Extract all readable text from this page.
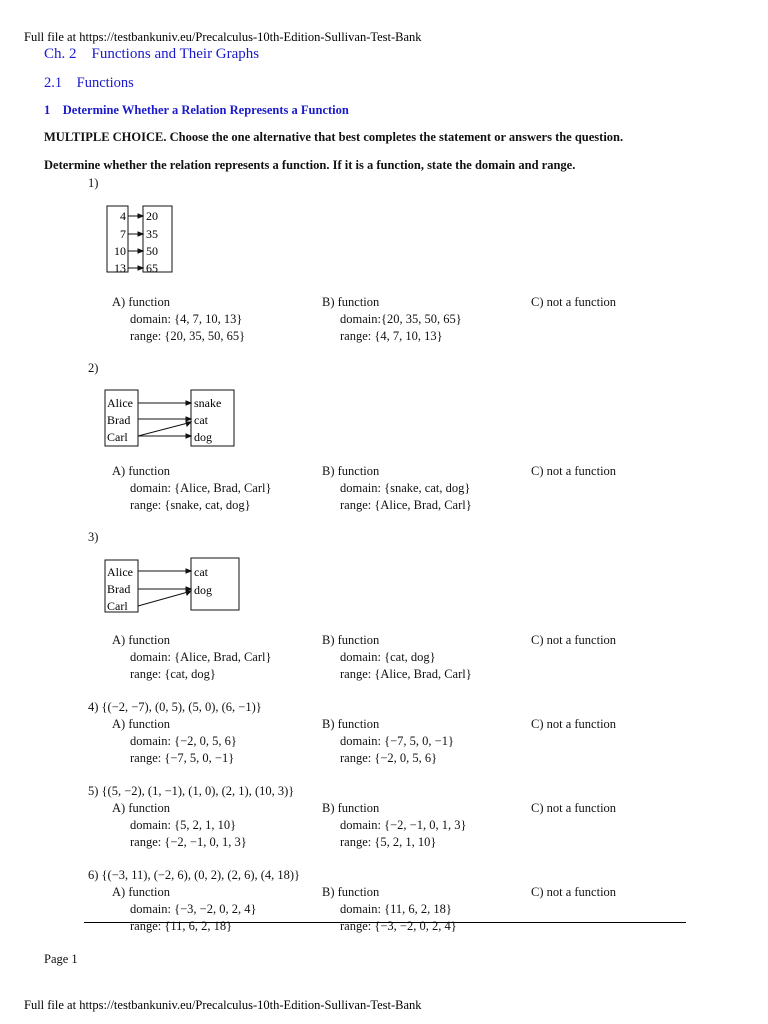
Full file at https://testbankuniv.eu/Precalculus-10th-Edition-Sullivan-Test-Bank
Ch. 2 Functions and Their Graphs
2.1 Functions
1 Determine Whether a Relation Represents a Function
MULTIPLE CHOICE. Choose the one alternative that best completes the statement or answers the question.
Determine whether the relation represents a function. If it is a function, state the domain and range.
1)
4
7
10
13
20
35
50
65
A) function
domain: {4, 7, 10, 13}
range: {20, 35, 50, 65}
B) function
domain:{20, 35, 50, 65}
range: {4, 7, 10, 13}
C) not a function
2)
Alice
Brad
Carl
snake
cat
dog
A) function
domain: {Alice, Brad, Carl}
range: {snake, cat, dog}
B) function
domain: {snake, cat, dog}
range: {Alice, Brad, Carl}
C) not a function
3)
Alice
Brad
Carl
cat
dog
A) function
domain: {Alice, Brad, Carl}
range: {cat, dog}
B) function
domain: {cat, dog}
range: {Alice, Brad, Carl}
C) not a function
4) {(−2, −7), (0, 5), (5, 0), (6, −1)}
A) function
domain: {−2, 0, 5, 6}
range: {−7, 5, 0, −1}
B) function
domain: {−7, 5, 0, −1}
range: {−2, 0, 5, 6}
C) not a function
5) {(5, −2), (1, −1), (1, 0), (2, 1), (10, 3)}
A) function
domain: {5, 2, 1, 10}
range: {−2, −1, 0, 1, 3}
B) function
domain: {−2, −1, 0, 1, 3}
range: {5, 2, 1, 10}
C) not a function
6) {(−3, 11), (−2, 6), (0, 2), (2, 6), (4, 18)}
A) function
domain: {−3, −2, 0, 2, 4}
range: {11, 6, 2, 18}
B) function
domain: {11, 6, 2, 18}
range: {−3, −2, 0, 2, 4}
C) not a function
Page 1
Full file at https://testbankuniv.eu/Precalculus-10th-Edition-Sullivan-Test-Bank
